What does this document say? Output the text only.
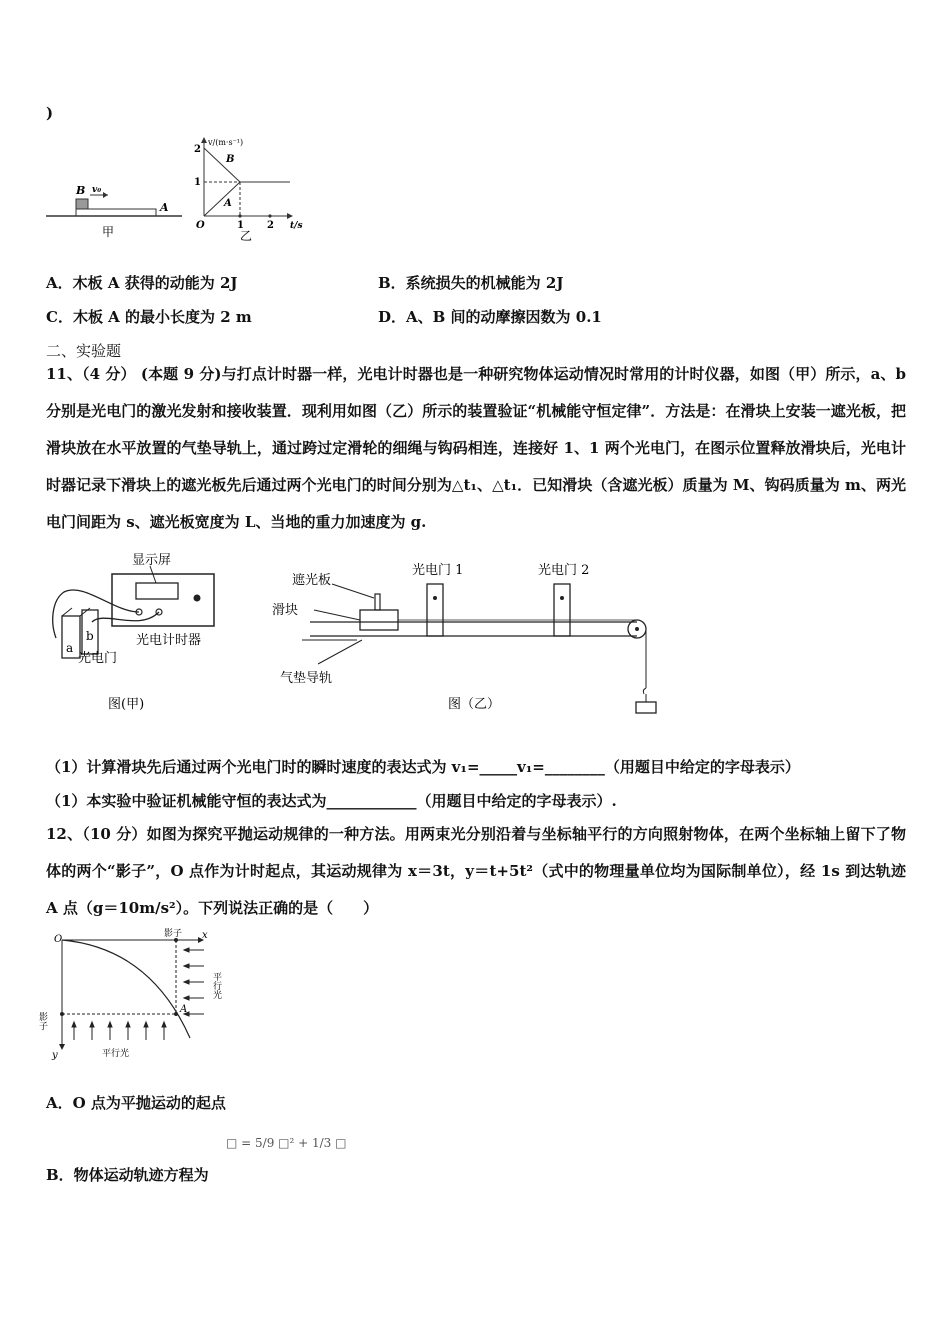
)
B v₀
A
甲
v/(m·s⁻¹)
t/s
2
1
O	1 2
B
A
乙
A．木板 A 获得的动能为 2J	B．系统损失的机械能为 2J
C．木板 A 的最小长度为 2 m	D．A、B 间的动摩擦因数为 0.1
二、实验题
11、（4 分） (本题 9 分)与打点计时器一样，光电计时器也是一种研究物体运动情况时常用的计时仪器，如图（甲）所示，a、b 分别是光电门的激光发射和接收装置．现利用如图（乙）所示的装置验证“机械能守恒定律”．方法是：在滑块上安装一遮光板，把滑块放在水平放置的气垫导轨上，通过跨过定滑轮的细绳与钩码相连，连接好 1、1 两个光电门，在图示位置释放滑块后，光电计时器记录下滑块上的遮光板先后通过两个光电门的时间分别为△t₁、△t₁．已知滑块（含遮光板）质量为 M、钩码质量为 m、两光电门间距为 s、遮光板宽度为 L、当地的重力加速度为 g.
显示屏
光电计时器
光电门
a
b
图(甲)
遮光板
滑块
光电门 1	光电门 2
气垫导轨
图（乙）
（1）计算滑块先后通过两个光电门时的瞬时速度的表达式为 v₁=_____v₁=________（用题目中给定的字母表示）
（1）本实验中验证机械能守恒的表达式为____________（用题目中给定的字母表示）.
12、（10 分）如图为探究平抛运动规律的一种方法。用两束光分别沿着与坐标轴平行的方向照射物体，在两个坐标轴上留下了物体的两个“影子”，O 点作为计时起点，其运动规律为 x＝3t，y＝t+5t²（式中的物理量单位均为国际制单位），经 1s 到达轨迹 A 点（g＝10m/s²）。下列说法正确的是（　　）
O	x
y
影子
影子
平行光
平行光
A
A．O 点为平抛运动的起点
□ = 5/9 □² + 1/3 □
B．物体运动轨迹方程为
